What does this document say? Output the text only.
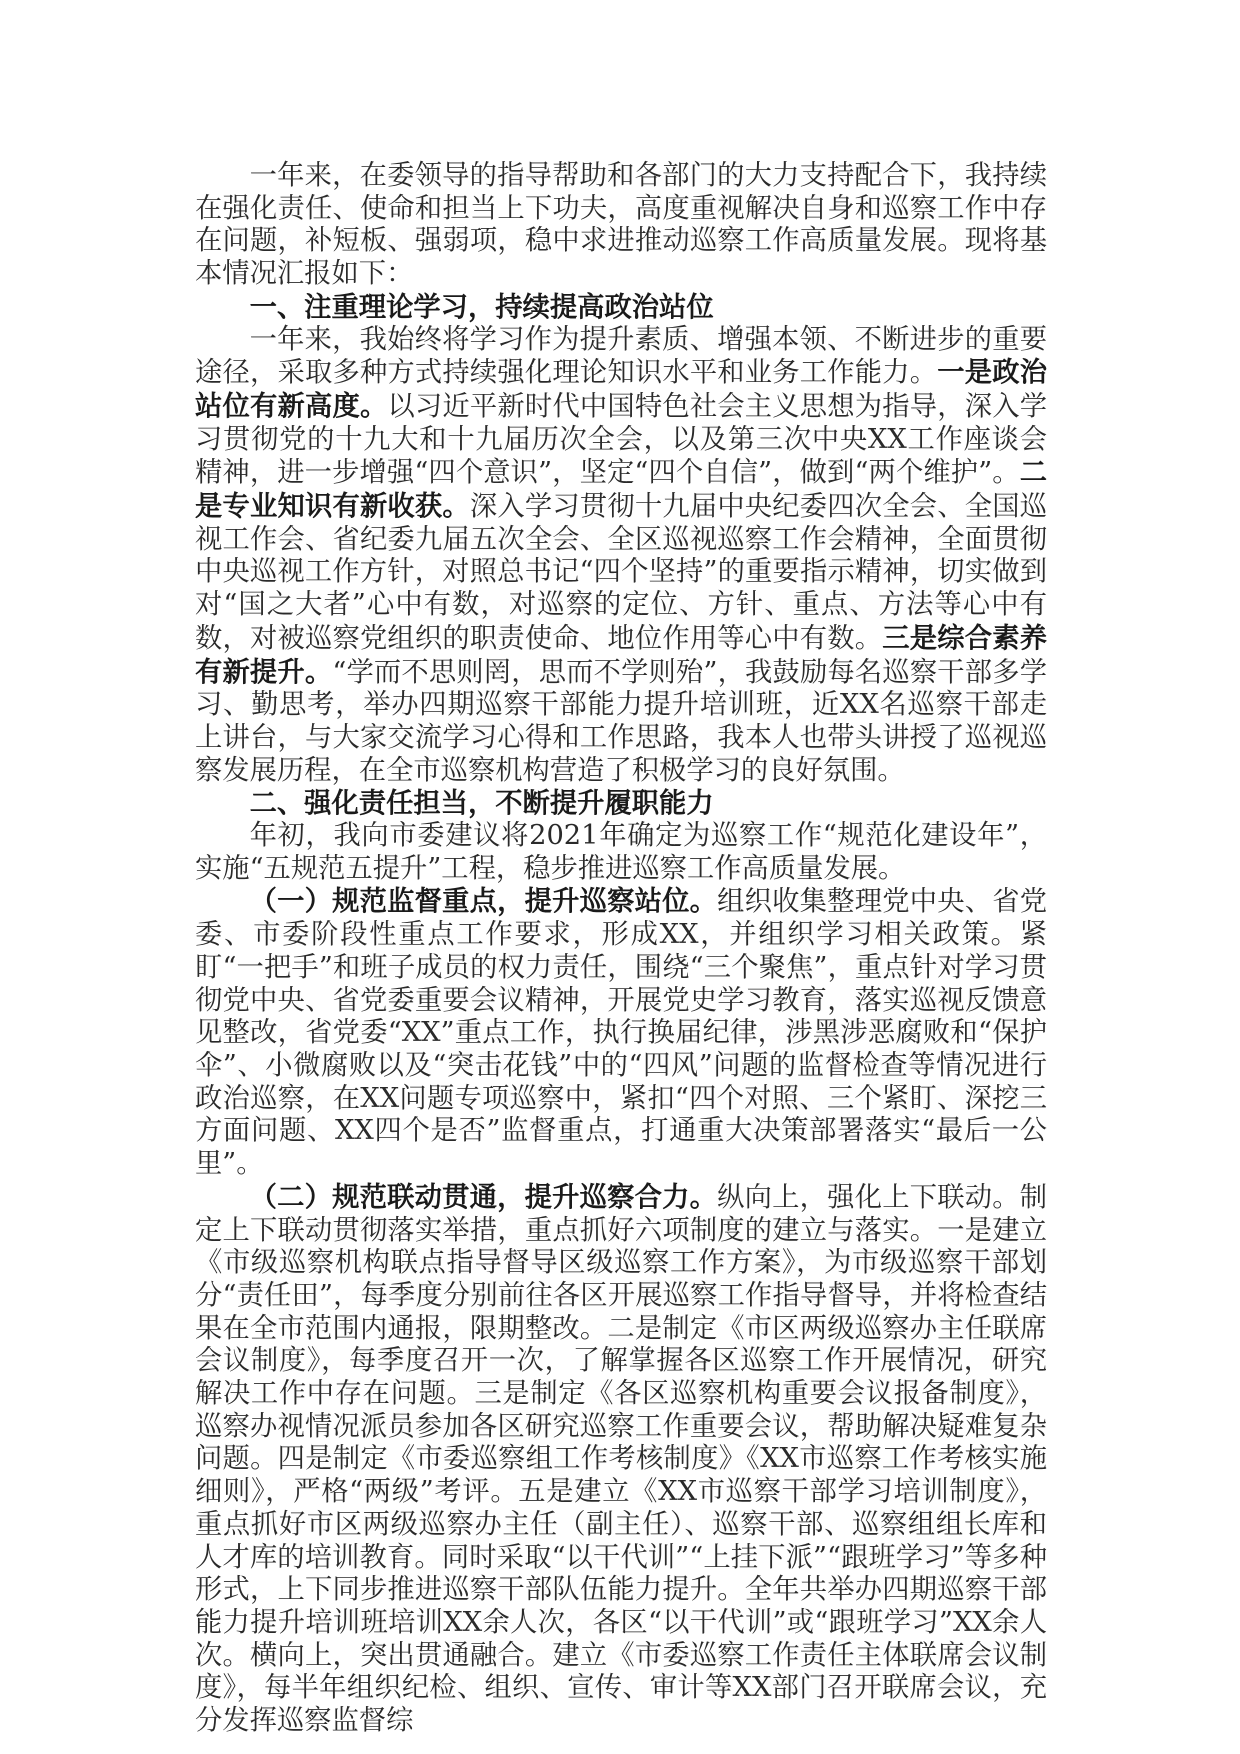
一年来，在委领导的指导帮助和各部门的大力支持配合下，我持续在强化责任、使命和担当上下功夫，高度重视解决自身和巡察工作中存在问题，补短板、强弱项，稳中求进推动巡察工作高质量发展。现将基本情况汇报如下：

一、注重理论学习，持续提高政治站位

一年来，我始终将学习作为提升素质、增强本领、不断进步的重要途径，采取多种方式持续强化理论知识水平和业务工作能力。一是政治站位有新高度。以习近平新时代中国特色社会主义思想为指导，深入学习贯彻党的十九大和十九届历次全会，以及第三次中央XX工作座谈会精神，进一步增强“四个意识”，坚定“四个自信”，做到“两个维护”。二是专业知识有新收获。深入学习贯彻十九届中央纪委四次全会、全国巡视工作会、省纪委九届五次全会、全区巡视巡察工作会精神，全面贯彻中央巡视工作方针，对照总书记“四个坚持”的重要指示精神，切实做到对“国之大者”心中有数，对巡察的定位、方针、重点、方法等心中有数，对被巡察党组织的职责使命、地位作用等心中有数。三是综合素养有新提升。“学而不思则罔，思而不学则殆”，我鼓励每名巡察干部多学习、勤思考，举办四期巡察干部能力提升培训班，近XX名巡察干部走上讲台，与大家交流学习心得和工作思路，我本人也带头讲授了巡视巡察发展历程，在全市巡察机构营造了积极学习的良好氛围。

二、强化责任担当，不断提升履职能力

年初，我向市委建议将2021年确定为巡察工作“规范化建设年”，实施“五规范五提升”工程，稳步推进巡察工作高质量发展。

（一）规范监督重点，提升巡察站位。组织收集整理党中央、省党委、市委阶段性重点工作要求，形成XX，并组织学习相关政策。紧盯“一把手”和班子成员的权力责任，围绕“三个聚焦”，重点针对学习贯彻党中央、省党委重要会议精神，开展党史学习教育，落实巡视反馈意见整改，省党委“XX”重点工作，执行换届纪律，涉黑涉恶腐败和“保护伞”、小微腐败以及“突击花钱”中的“四风”问题的监督检查等情况进行政治巡察，在XX问题专项巡察中，紧扣“四个对照、三个紧盯、深挖三方面问题、XX四个是否”监督重点，打通重大决策部署落实“最后一公里”。

（二）规范联动贯通，提升巡察合力。纵向上，强化上下联动。制定上下联动贯彻落实举措，重点抓好六项制度的建立与落实。一是建立《市级巡察机构联点指导督导区级巡察工作方案》，为市级巡察干部划分“责任田”，每季度分别前往各区开展巡察工作指导督导，并将检查结果在全市范围内通报，限期整改。二是制定《市区两级巡察办主任联席会议制度》，每季度召开一次，了解掌握各区巡察工作开展情况，研究解决工作中存在问题。三是制定《各区巡察机构重要会议报备制度》，巡察办视情况派员参加各区研究巡察工作重要会议，帮助解决疑难复杂问题。四是制定《市委巡察组工作考核制度》《XX市巡察工作考核实施细则》，严格“两级”考评。五是建立《XX市巡察干部学习培训制度》，重点抓好市区两级巡察办主任（副主任）、巡察干部、巡察组组长库和人才库的培训教育。同时采取“以干代训”“上挂下派”“跟班学习”等多种形式，上下同步推进巡察干部队伍能力提升。全年共举办四期巡察干部能力提升培训班培训XX余人次，各区“以干代训”或“跟班学习”XX余人次。横向上，突出贯通融合。建立《市委巡察工作责任主体联席会议制度》，每半年组织纪检、组织、宣传、审计等XX部门召开联席会议，充分发挥巡察监督综
